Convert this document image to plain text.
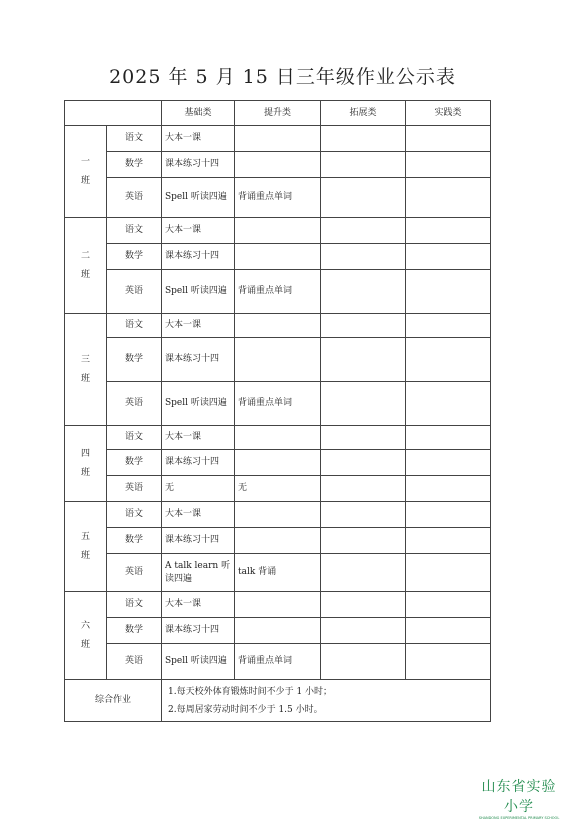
2025 年 5 月 15 日三年级作业公示表
		基础类	提升类	拓展类	实践类

一
班	语文	大本一课			
	数学	课本练习十四			
	英语	Spell 听读四遍	背诵重点单词		

二
班	语文	大本一课			
	数学	课本练习十四			
	英语	Spell 听读四遍	背诵重点单词		

三
班	语文	大本一课			
	数学	课本练习十四			
	英语	Spell 听读四遍	背诵重点单词		

四
班	语文	大本一课			
	数学	课本练习十四			
	英语	无	无		

五
班	语文	大本一课			
	数学	课本练习十四			
	英语	A talk learn 听读四遍	talk 背诵		

六
班	语文	大本一课			
	数学	课本练习十四			
	英语	Spell 听读四遍	背诵重点单词		
综合作业		1.每天校外体育锻炼时间不少于 1 小时；
2.每周居家劳动时间不少于 1.5 小时。			
山东省实验小学
SHANDONG EXPERIMENTAL PRIMARY SCHOOL
